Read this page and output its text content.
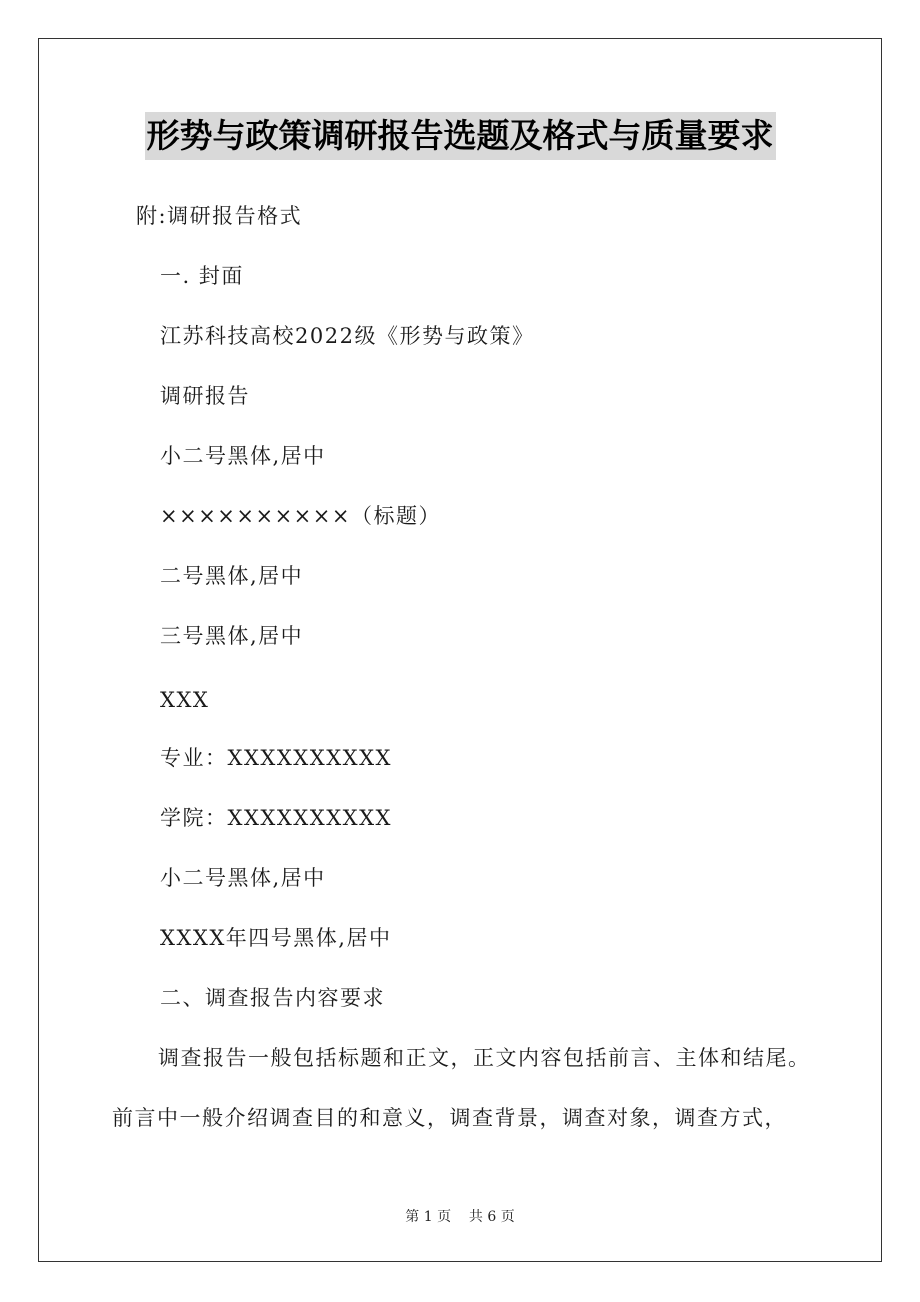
形势与政策调研报告选题及格式与质量要求
附:调研报告格式
一. 封面
江苏科技高校2022级《形势与政策》
调研报告
小二号黑体,居中
××××××××××（标题）
二号黑体,居中
三号黑体,居中
XXX
专业：XXXXXXXXXX
学院：XXXXXXXXXX
小二号黑体,居中
XXXX年四号黑体,居中
二、调查报告内容要求
调查报告一般包括标题和正文，正文内容包括前言、主体和结尾。前言中一般介绍调查目的和意义，调查背景，调查对象，调查方式，
第 1 页    共 6 页
